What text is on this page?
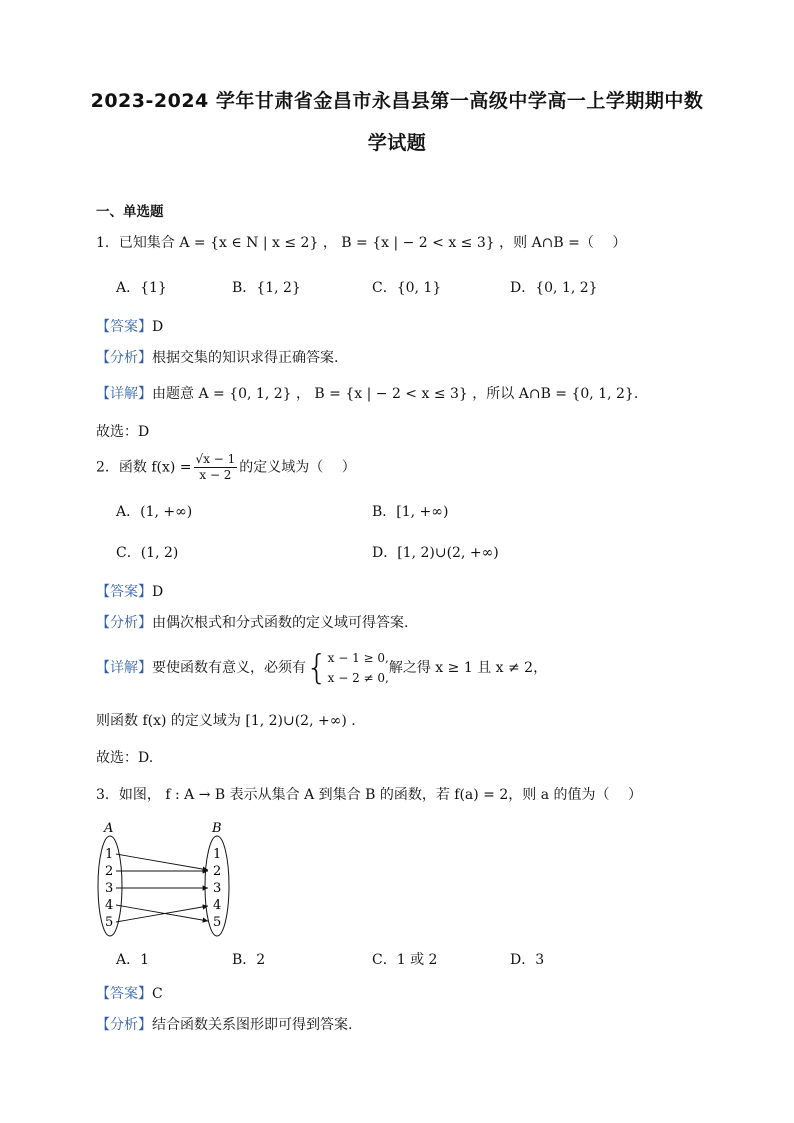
2023-2024 学年甘肃省金昌市永昌县第一高级中学高一上学期期中数
学试题
一、单选题
1．已知集合 A = {x ∈ N | x ≤ 2} ， B = {x | − 2 < x ≤ 3} ，则 A∩B =（　 ）
A．{1}	B．{1, 2}	C．{0, 1}	D．{0, 1, 2}
【答案】D
【分析】根据交集的知识求得正确答案.
【详解】由题意 A = {0, 1, 2} ， B = {x | − 2 < x ≤ 3} ，所以 A∩B = {0, 1, 2}.
故选：D
2．函数 $f(x) = \frac{√x - 1}{x - 2}$ 的定义域为（　 ）
A．(1, +∞)	B．[1, +∞)
C．(1, 2)	D．[1, 2)∪(2, +∞)
【答案】D
【分析】由偶次根式和分式函数的定义域可得答案.
【详解】要使函数有意义，必须有{ x − 1 ≥ 0,
x − 2 ≠ 0,
解之得 x ≥ 1 且 x ≠ 2，
则函数 f(x) 的定义域为 [1, 2)∪(2, +∞) .
故选：D.
3．如图， f : A → B 表示从集合 A 到集合 B 的函数，若 f(a) = 2，则 a 的值为（　 ）
A	B
1
2
3
4
5
1
2
3
4
5
A．1	B．2	C．1 或 2	D．3
【答案】C
【分析】结合函数关系图形即可得到答案.
